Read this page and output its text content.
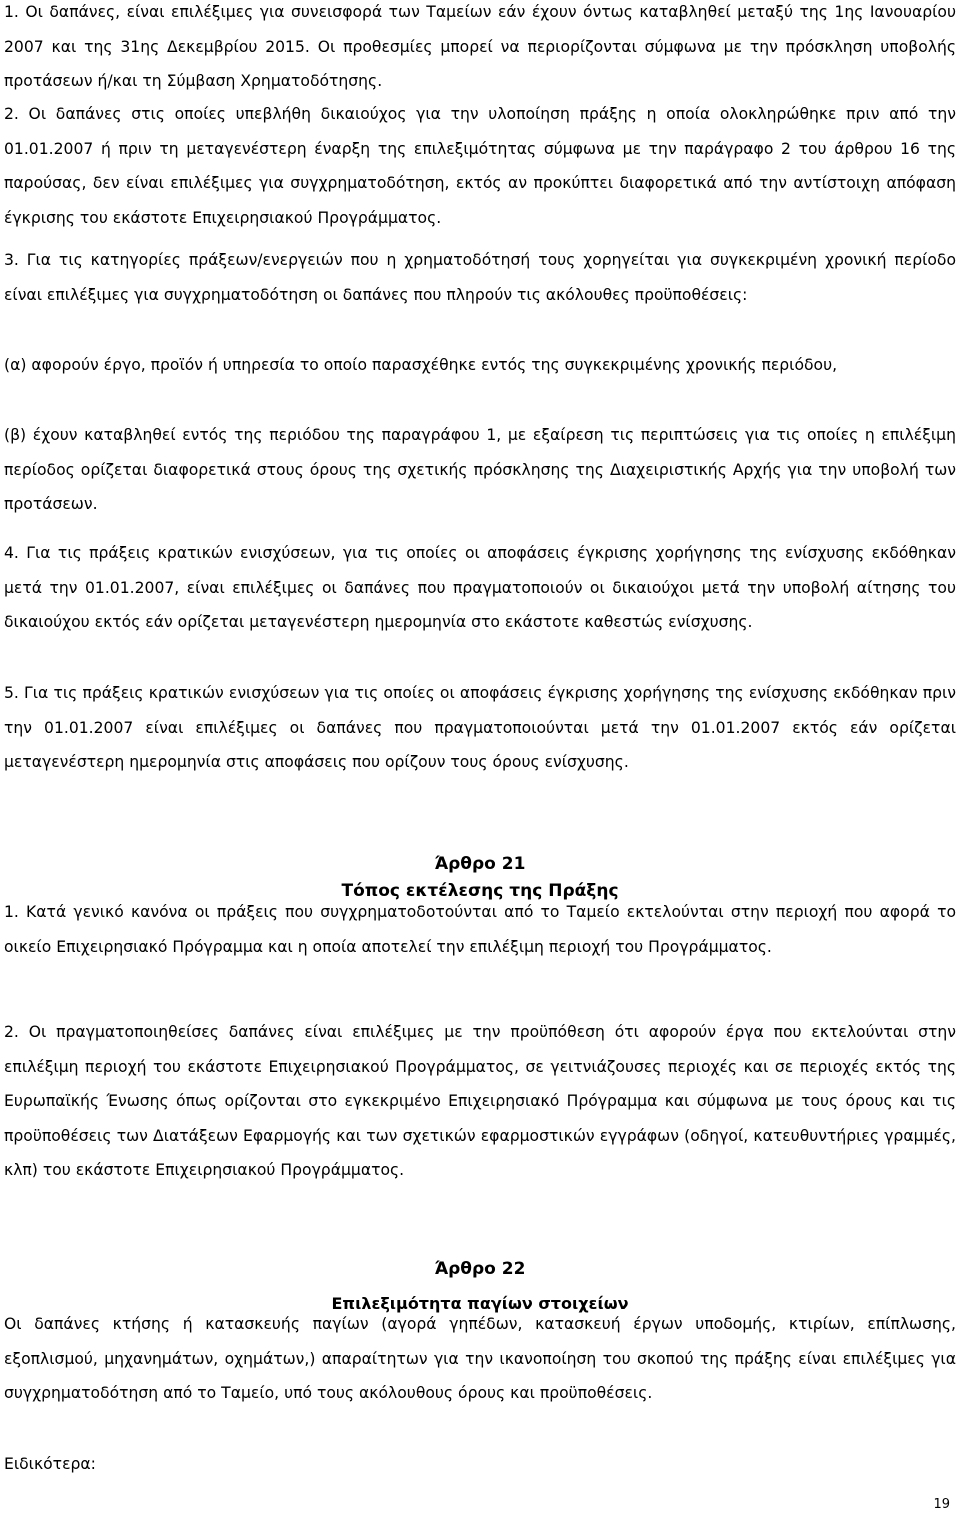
1. Οι δαπάνες, είναι επιλέξιμες για συνεισφορά των Ταμείων εάν έχουν όντως καταβληθεί μεταξύ της 1ης Ιανουαρίου 2007 και της 31ης Δεκεμβρίου 2015. Οι προθεσμίες μπορεί να περιορίζονται σύμφωνα με την πρόσκληση υποβολής προτάσεων ή/και τη Σύμβαση Χρηματοδότησης.

2. Οι δαπάνες στις οποίες υπεβλήθη δικαιούχος για την υλοποίηση πράξης η οποία ολοκληρώθηκε πριν από την 01.01.2007 ή πριν τη μεταγενέστερη έναρξη της επιλεξιμότητας σύμφωνα με την παράγραφο 2 του άρθρου 16 της παρούσας, δεν είναι επιλέξιμες για συγχρηματοδότηση, εκτός αν προκύπτει διαφορετικά από την αντίστοιχη απόφαση έγκρισης του εκάστοτε Επιχειρησιακού Προγράμματος.

3. Για τις κατηγορίες πράξεων/ενεργειών που η χρηματοδότησή τους χορηγείται για συγκεκριμένη χρονική περίοδο είναι επιλέξιμες για συγχρηματοδότηση οι δαπάνες που πληρούν τις ακόλουθες προϋποθέσεις:

(α) αφορούν έργο, προϊόν ή υπηρεσία το οποίο παρασχέθηκε εντός της συγκεκριμένης χρονικής περιόδου,

(β) έχουν καταβληθεί εντός της περιόδου της παραγράφου 1, με εξαίρεση τις περιπτώσεις για τις οποίες η επιλέξιμη περίοδος ορίζεται διαφορετικά στους όρους της σχετικής πρόσκλησης της Διαχειριστικής Αρχής για την υποβολή των προτάσεων.

4. Για τις πράξεις κρατικών ενισχύσεων, για τις οποίες οι αποφάσεις έγκρισης χορήγησης της ενίσχυσης εκδόθηκαν μετά την 01.01.2007, είναι επιλέξιμες οι δαπάνες που πραγματοποιούν οι δικαιούχοι μετά την υποβολή αίτησης του δικαιούχου εκτός εάν ορίζεται μεταγενέστερη ημερομηνία στο εκάστοτε καθεστώς ενίσχυσης.

5. Για τις πράξεις κρατικών ενισχύσεων για τις οποίες οι αποφάσεις έγκρισης χορήγησης της ενίσχυσης εκδόθηκαν πριν την 01.01.2007 είναι επιλέξιμες οι δαπάνες που πραγματοποιούνται μετά την 01.01.2007 εκτός εάν ορίζεται μεταγενέστερη ημερομηνία στις αποφάσεις που ορίζουν τους όρους ενίσχυσης.

Άρθρο 21
Τόπος εκτέλεσης της Πράξης

1. Κατά γενικό κανόνα οι πράξεις που συγχρηματοδοτούνται από το Ταμείο εκτελούνται στην περιοχή που αφορά το οικείο Επιχειρησιακό Πρόγραμμα και η οποία αποτελεί την επιλέξιμη περιοχή του Προγράμματος.

2. Οι πραγματοποιηθείσες δαπάνες είναι επιλέξιμες με την προϋπόθεση ότι αφορούν έργα που εκτελούνται στην επιλέξιμη περιοχή του εκάστοτε Επιχειρησιακού Προγράμματος, σε γειτνιάζουσες περιοχές και σε περιοχές εκτός της Ευρωπαϊκής Ένωσης όπως ορίζονται στο εγκεκριμένο Επιχειρησιακό Πρόγραμμα και σύμφωνα με τους όρους και τις προϋποθέσεις των Διατάξεων Εφαρμογής και των σχετικών εφαρμοστικών εγγράφων (οδηγοί, κατευθυντήριες γραμμές, κλπ) του εκάστοτε Επιχειρησιακού Προγράμματος.

Άρθρο 22
Επιλεξιμότητα παγίων στοιχείων

Οι δαπάνες κτήσης ή κατασκευής παγίων (αγορά γηπέδων, κατασκευή έργων υποδομής, κτιρίων, επίπλωσης, εξοπλισμού, μηχανημάτων, οχημάτων,) απαραίτητων για την ικανοποίηση του σκοπού της πράξης είναι επιλέξιμες για συγχρηματοδότηση από το Ταμείο, υπό τους ακόλουθους όρους και προϋποθέσεις.

Ειδικότερα:

19
